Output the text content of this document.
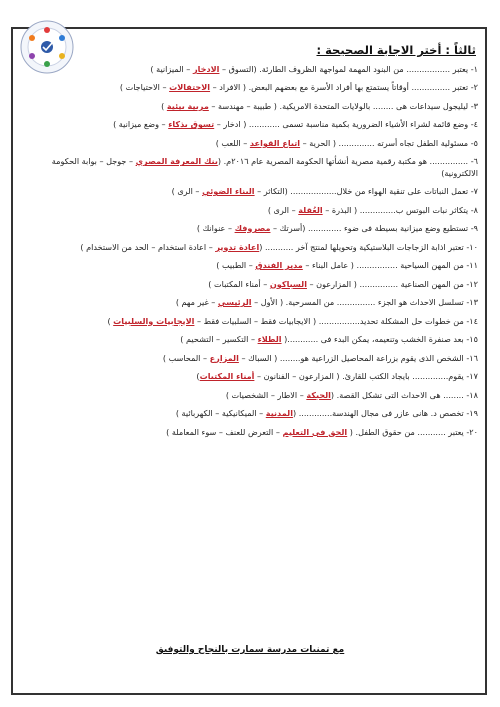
ثالثاً : أختر الاجابة الصحيحة :
١- يعتبر ................. من البنود المهمة لمواجهة الظروف الطارئة. (التسوق – الادخار – الميزانية )
٢- تعتبر ............... أوقاتاً يستمتع بها أفراد الأسرة مع بعضهم البعض. ( الافراد – الاحتفالات – الاحتياجات )
٣- ليليجول سيداعات هى ........ بالولايات المتحدة الامريكية. ( طبيبة – مهندسة – مربية بيئية )
٤- وضع قائمة لشراء الأشياء الضرورية بكمية مناسبة تسمى ............ ( ادخار – تسوق بذكاء – وضع ميزانية )
٥- مسئولية الطفل تجاه أسرته .............. ( الحرية – اتباع القواعد – اللعب )
٦- ............... هو مكتبة رقمية مصرية أنشأتها الحكومة المصرية عام ٢٠١٦م. (بنك المعرفة المصري – جوجل – بوابة الحكومة الالكترونية)
٧- تعمل النباتات على تنقية الهواء من خلال.................. (التكاثر – البناء الضوئي – الرى )
٨- يتكاثر نبات البوتس ب.............. ( البذرة – العُقلة – الرى )
٩- تستطيع وضع ميزانية بسيطة فى ضوء ............. (أسرتك – مصروفك – عنوانك )
١٠- تعتبر اذابة الزجاجات البلاستيكية وتحويلها لمنتج آخر ........... (اعادة تدوير – اعادة استخدام – الحد من الاستخدام )
١١- من المهن السياحية ................ ( عامل البناء – مدير الفندق – الطبيب )
١٢- من المهن الصناعية ............... ( المزارعون – السباكون – أمناء المكتبات )
١٣- تسلسل الاحداث هو الجزء ............... من المسرحية. ( الأول – الرئيسي – غير مهم )
١٤- من خطوات حل المشكلة تحديد................ ( الايجابيات فقط – السلبيات فقط – الايجابيات والسلبيات )
١٥- بعد صنفرة الخشب وتنعيمه، يمكن البدء فى ............( الطلاء – التكسير – التشحيم )
١٦- الشخص الذى يقوم بزراعة المحاصيل الزراعية هو........ ( السباك – المزارع – المحاسب )
١٧- يقوم.............. بايجاد الكتب للقارئ. ( المزارعون – الفنانون – أمناء المكتبات)
١٨- ........ هى الاحداث التى تشكل القصة. (الحبكة – الاطار – الشخصيات )
١٩- تخصص د. هانى عازر فى مجال الهندسة............. (المدنية – الميكانيكية – الكهربائية )
٢٠- يعتبر ........... من حقوق الطفل. ( الحق فى التعليم – التعرض للعنف – سوء المعاملة )
مع تمنيات مدرسة سمارت بالنجاح والتوفيق
